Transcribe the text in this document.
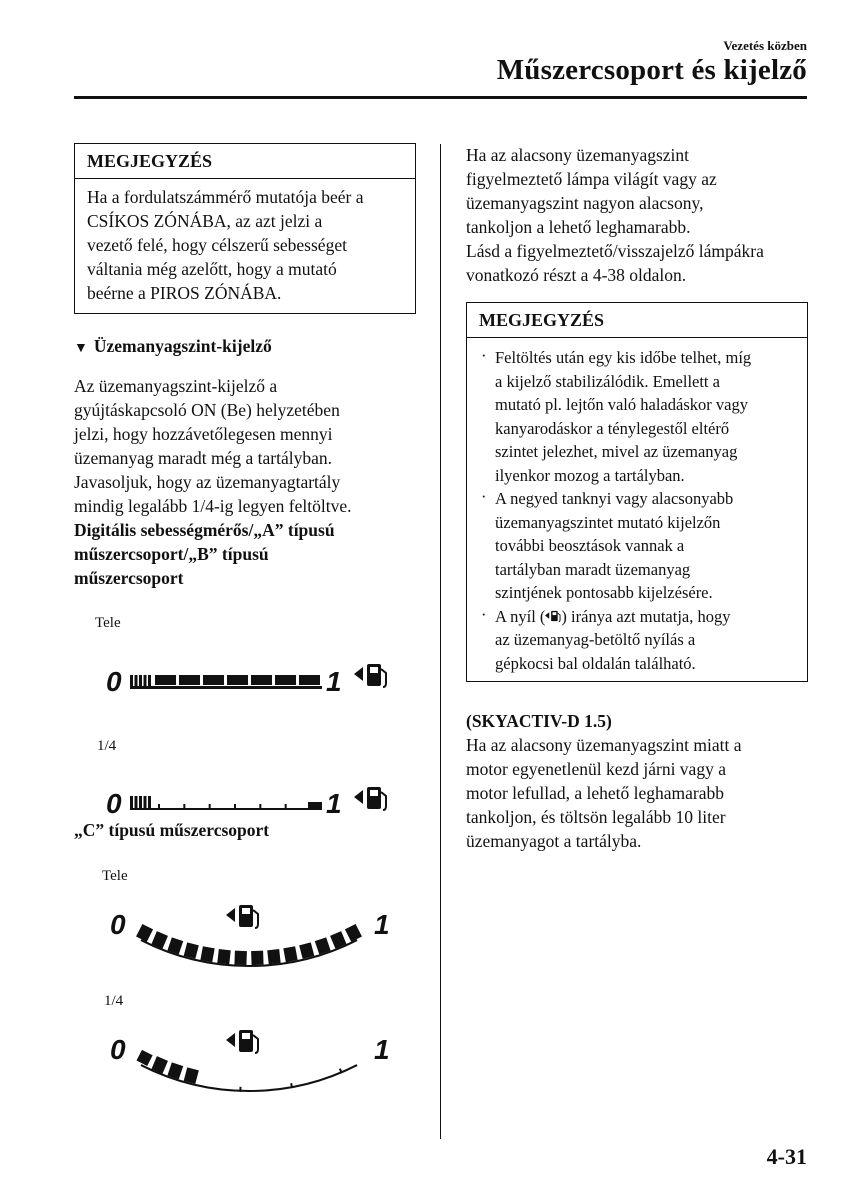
Vezetés közben
Műszercsoport és kijelző
MEGJEGYZÉS
Ha a fordulatszámmérő mutatója beér a
CSÍKOS ZÓNÁBA, az azt jelzi a
vezető felé, hogy célszerű sebességet
váltania még azelőtt, hogy a mutató
beérne a PIROS ZÓNÁBA.
▼ Üzemanyagszint-kijelző

Az üzemanyagszint-kijelző a

gyújtáskapcsoló ON (Be) helyzetében

jelzi, hogy hozzávetőlegesen mennyi

üzemanyag maradt még a tartályban.

Javasoljuk, hogy az üzemanyagtartály

mindig legalább 1/4-ig legyen feltöltve.

Digitális sebességmérős/„A” típusú

műszercsoport/„B” típusú

műszercsoport

Tele
0	1
1/4
0	1
„C” típusú műszercsoport
Tele
0	1
1/4
0	1

Ha az alacsony üzemanyagszint

figyelmeztető lámpa világít vagy az

üzemanyagszint nagyon alacsony,

tankoljon a lehető leghamarabb.

Lásd a figyelmeztető/visszajelző lámpákra

vonatkozó részt a 4-38 oldalon.

MEGJEGYZÉS
· Feltöltés után egy kis időbe telhet, míg
a kijelző stabilizálódik. Emellett a
mutató pl. lejtőn való haladáskor vagy
kanyarodáskor a ténylegestől eltérő
szintet jelezhet, mivel az üzemanyag
ilyenkor mozog a tartályban.
· A negyed tanknyi vagy alacsonyabb
üzemanyagszintet mutató kijelzőn
további beosztások vannak a
tartályban maradt üzemanyag
szintjének pontosabb kijelzésére.
· A nyíl ( ) iránya azt mutatja, hogy
az üzemanyag-betöltő nyílás a
gépkocsi bal oldalán található.

(SKYACTIV-D 1.5)

Ha az alacsony üzemanyagszint miatt a

motor egyenetlenül kezd járni vagy a

motor lefullad, a lehető leghamarabb

tankoljon, és töltsön legalább 10 liter

üzemanyagot a tartályba.

4-31
